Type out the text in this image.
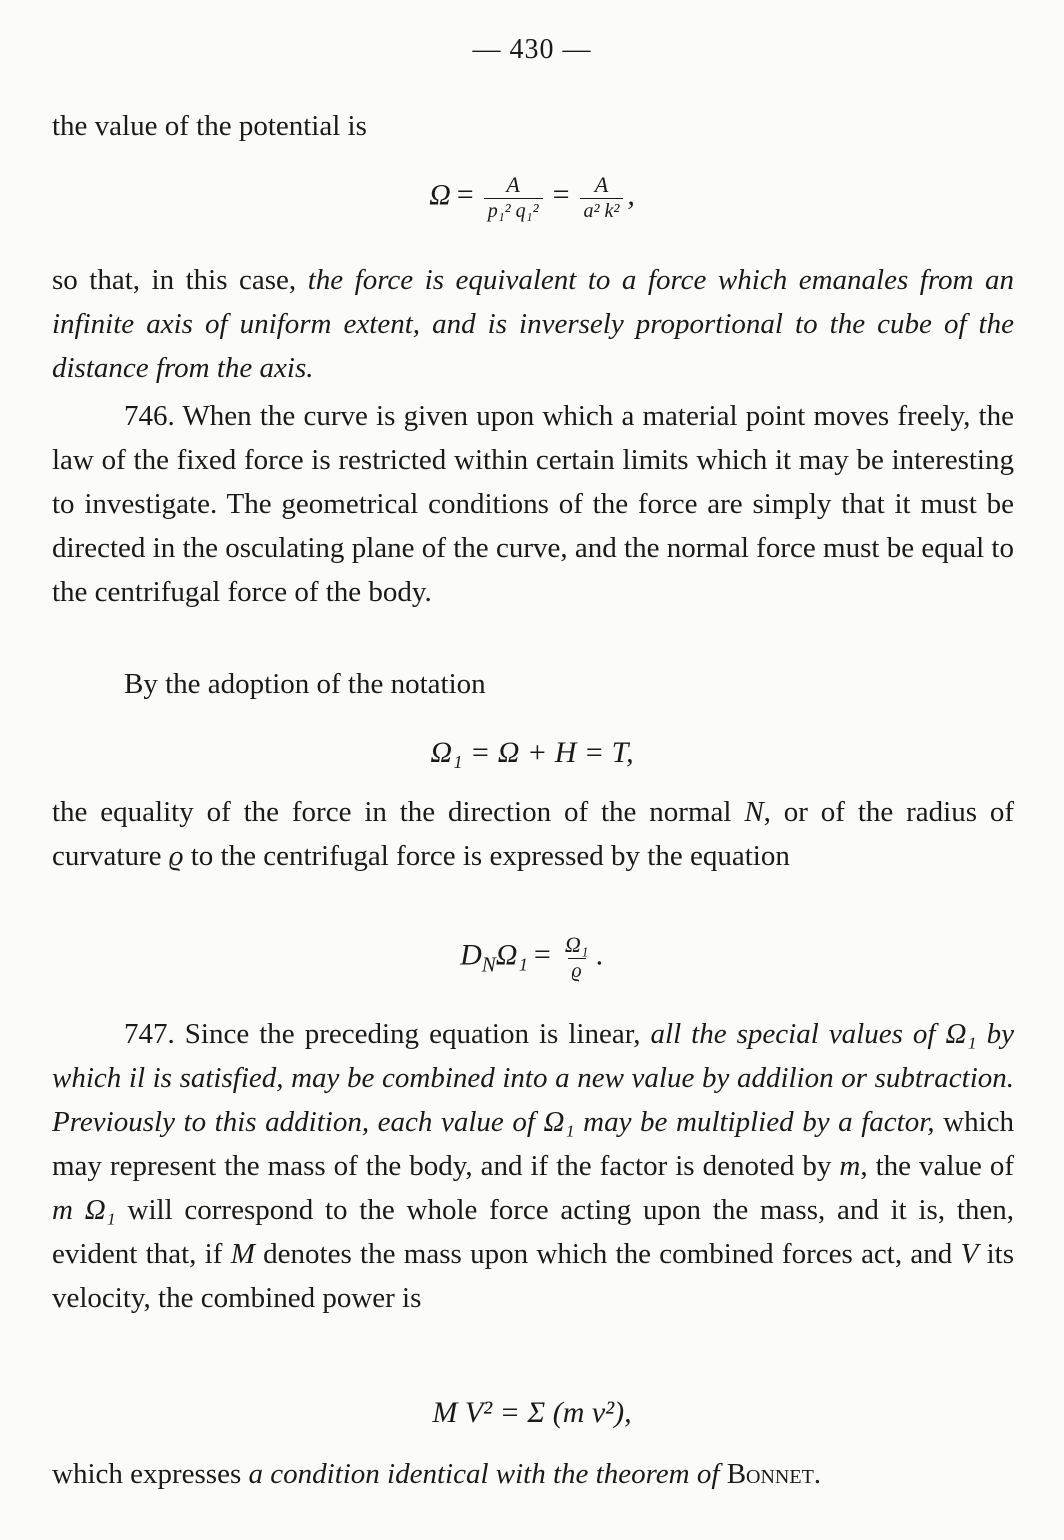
— 430 —
the value of the potential is
$\Omega = \frac{A}{\text{p₁² q₁²}} = \frac{A}{\text{a² k²}}$ ,
so that, in this case, the force is equivalent to a force which emanales from an infinite axis of uniform extent, and is inversely proportional to the cube of the distance from the axis.
746. When the curve is given upon which a material point moves freely, the law of the fixed force is restricted within certain limits which it may be interesting to investigate. The geometrical conditions of the force are simply that it must be directed in the osculating plane of the curve, and the normal force must be equal to the centrifugal force of the body.
By the adoption of the notation
Ω₁ = Ω + H = T,
the equality of the force in the direction of the normal N, or of the radius of curvature ϱ to the centrifugal force is expressed by the equation
$D_N\Omega_1 = \frac{\text{Ω₁}}{ϱ}$ .
747. Since the preceding equation is linear, all the special values of Ω₁ by which il is satisfied, may be combined into a new value by addilion or subtraction. Previously to this addition, each value of Ω₁ may be multiplied by a factor, which may represent the mass of the body, and if the factor is denoted by m, the value of m Ω₁ will correspond to the whole force acting upon the mass, and it is, then, evident that, if M denotes the mass upon which the combined forces act, and V its velocity, the combined power is
M V² = Σ (m v²),
which expresses a condition identical with the theorem of Bonnet.
